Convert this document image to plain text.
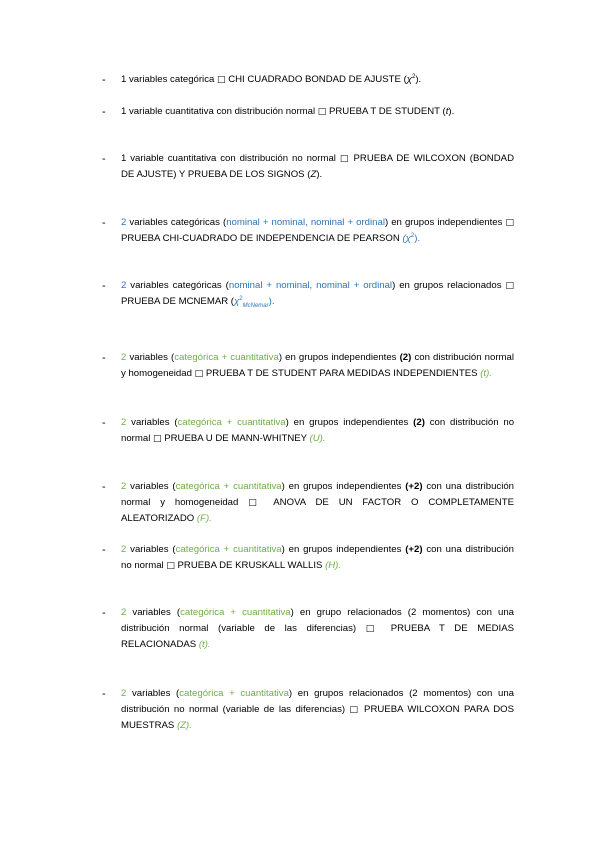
- 1 variables categórica □ CHI CUADRADO BONDAD DE AJUSTE $(\chi^2)$.
- 1 variable cuantitativa con distribución normal □ PRUEBA T DE STUDENT (t).
- 1 variable cuantitativa con distribución no normal □ PRUEBA DE WILCOXON (BONDAD DE AJUSTE) Y PRUEBA DE LOS SIGNOS (Z).
- 2 variables categóricas (nominal + nominal, nominal + ordinal) en grupos independientes □ PRUEBA CHI-CUADRADO DE INDEPENDENCIA DE PEARSON $(\chi^2)$.
- 2 variables categóricas (nominal + nominal, nominal + ordinal) en grupos relacionados □ PRUEBA DE MCNEMAR $(\chi^2_{McNemar})$.
- 2 variables (categórica + cuantitativa) en grupos independientes (2) con distribución normal y homogeneidad □ PRUEBA T DE STUDENT PARA MEDIDAS INDEPENDIENTES (t).
- 2 variables (categórica + cuantitativa) en grupos independientes (2) con distribución no normal □ PRUEBA U DE MANN-WHITNEY (U).
- 2 variables (categórica + cuantitativa) en grupos independientes (+2) con una distribución normal y homogeneidad □ ANOVA DE UN FACTOR O COMPLETAMENTE ALEATORIZADO (F).
- 2 variables (categórica + cuantitativa) en grupos independientes (+2) con una distribución no normal □ PRUEBA DE KRUSKALL WALLIS (H).
- 2 variables (categórica + cuantitativa) en grupo relacionados (2 momentos) con una distribución normal (variable de las diferencias) □ PRUEBA T DE MEDIAS RELACIONADAS (t).
- 2 variables (categórica + cuantitativa) en grupos relacionados (2 momentos) con una distribución no normal (variable de las diferencias) □ PRUEBA WILCOXON PARA DOS MUESTRAS (Z).
